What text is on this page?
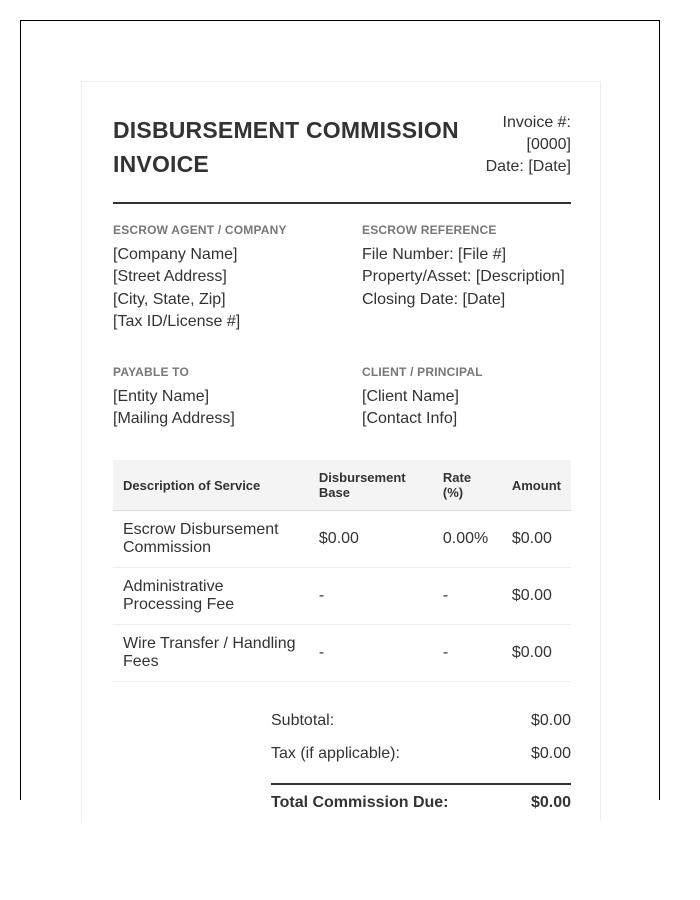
DISBURSEMENT COMMISSION
INVOICE
Invoice #:
[0000]
Date: [Date]
ESCROW AGENT / COMPANY
[Company Name]
[Street Address]
[City, State, Zip]
[Tax ID/License #]
ESCROW REFERENCE
File Number: [File #]
Property/Asset: [Description]
Closing Date: [Date]
PAYABLE TO
[Entity Name]
[Mailing Address]
CLIENT / PRINCIPAL
[Client Name]
[Contact Info]
Description of Service	Disbursement Base	Rate (%)	Amount
Escrow Disbursement Commission	$0.00	0.00%	$0.00
Administrative Processing Fee	-	-	$0.00
Wire Transfer / Handling Fees	-	-	$0.00
Subtotal:	$0.00
Tax (if applicable):	$0.00
Total Commission Due:	$0.00
